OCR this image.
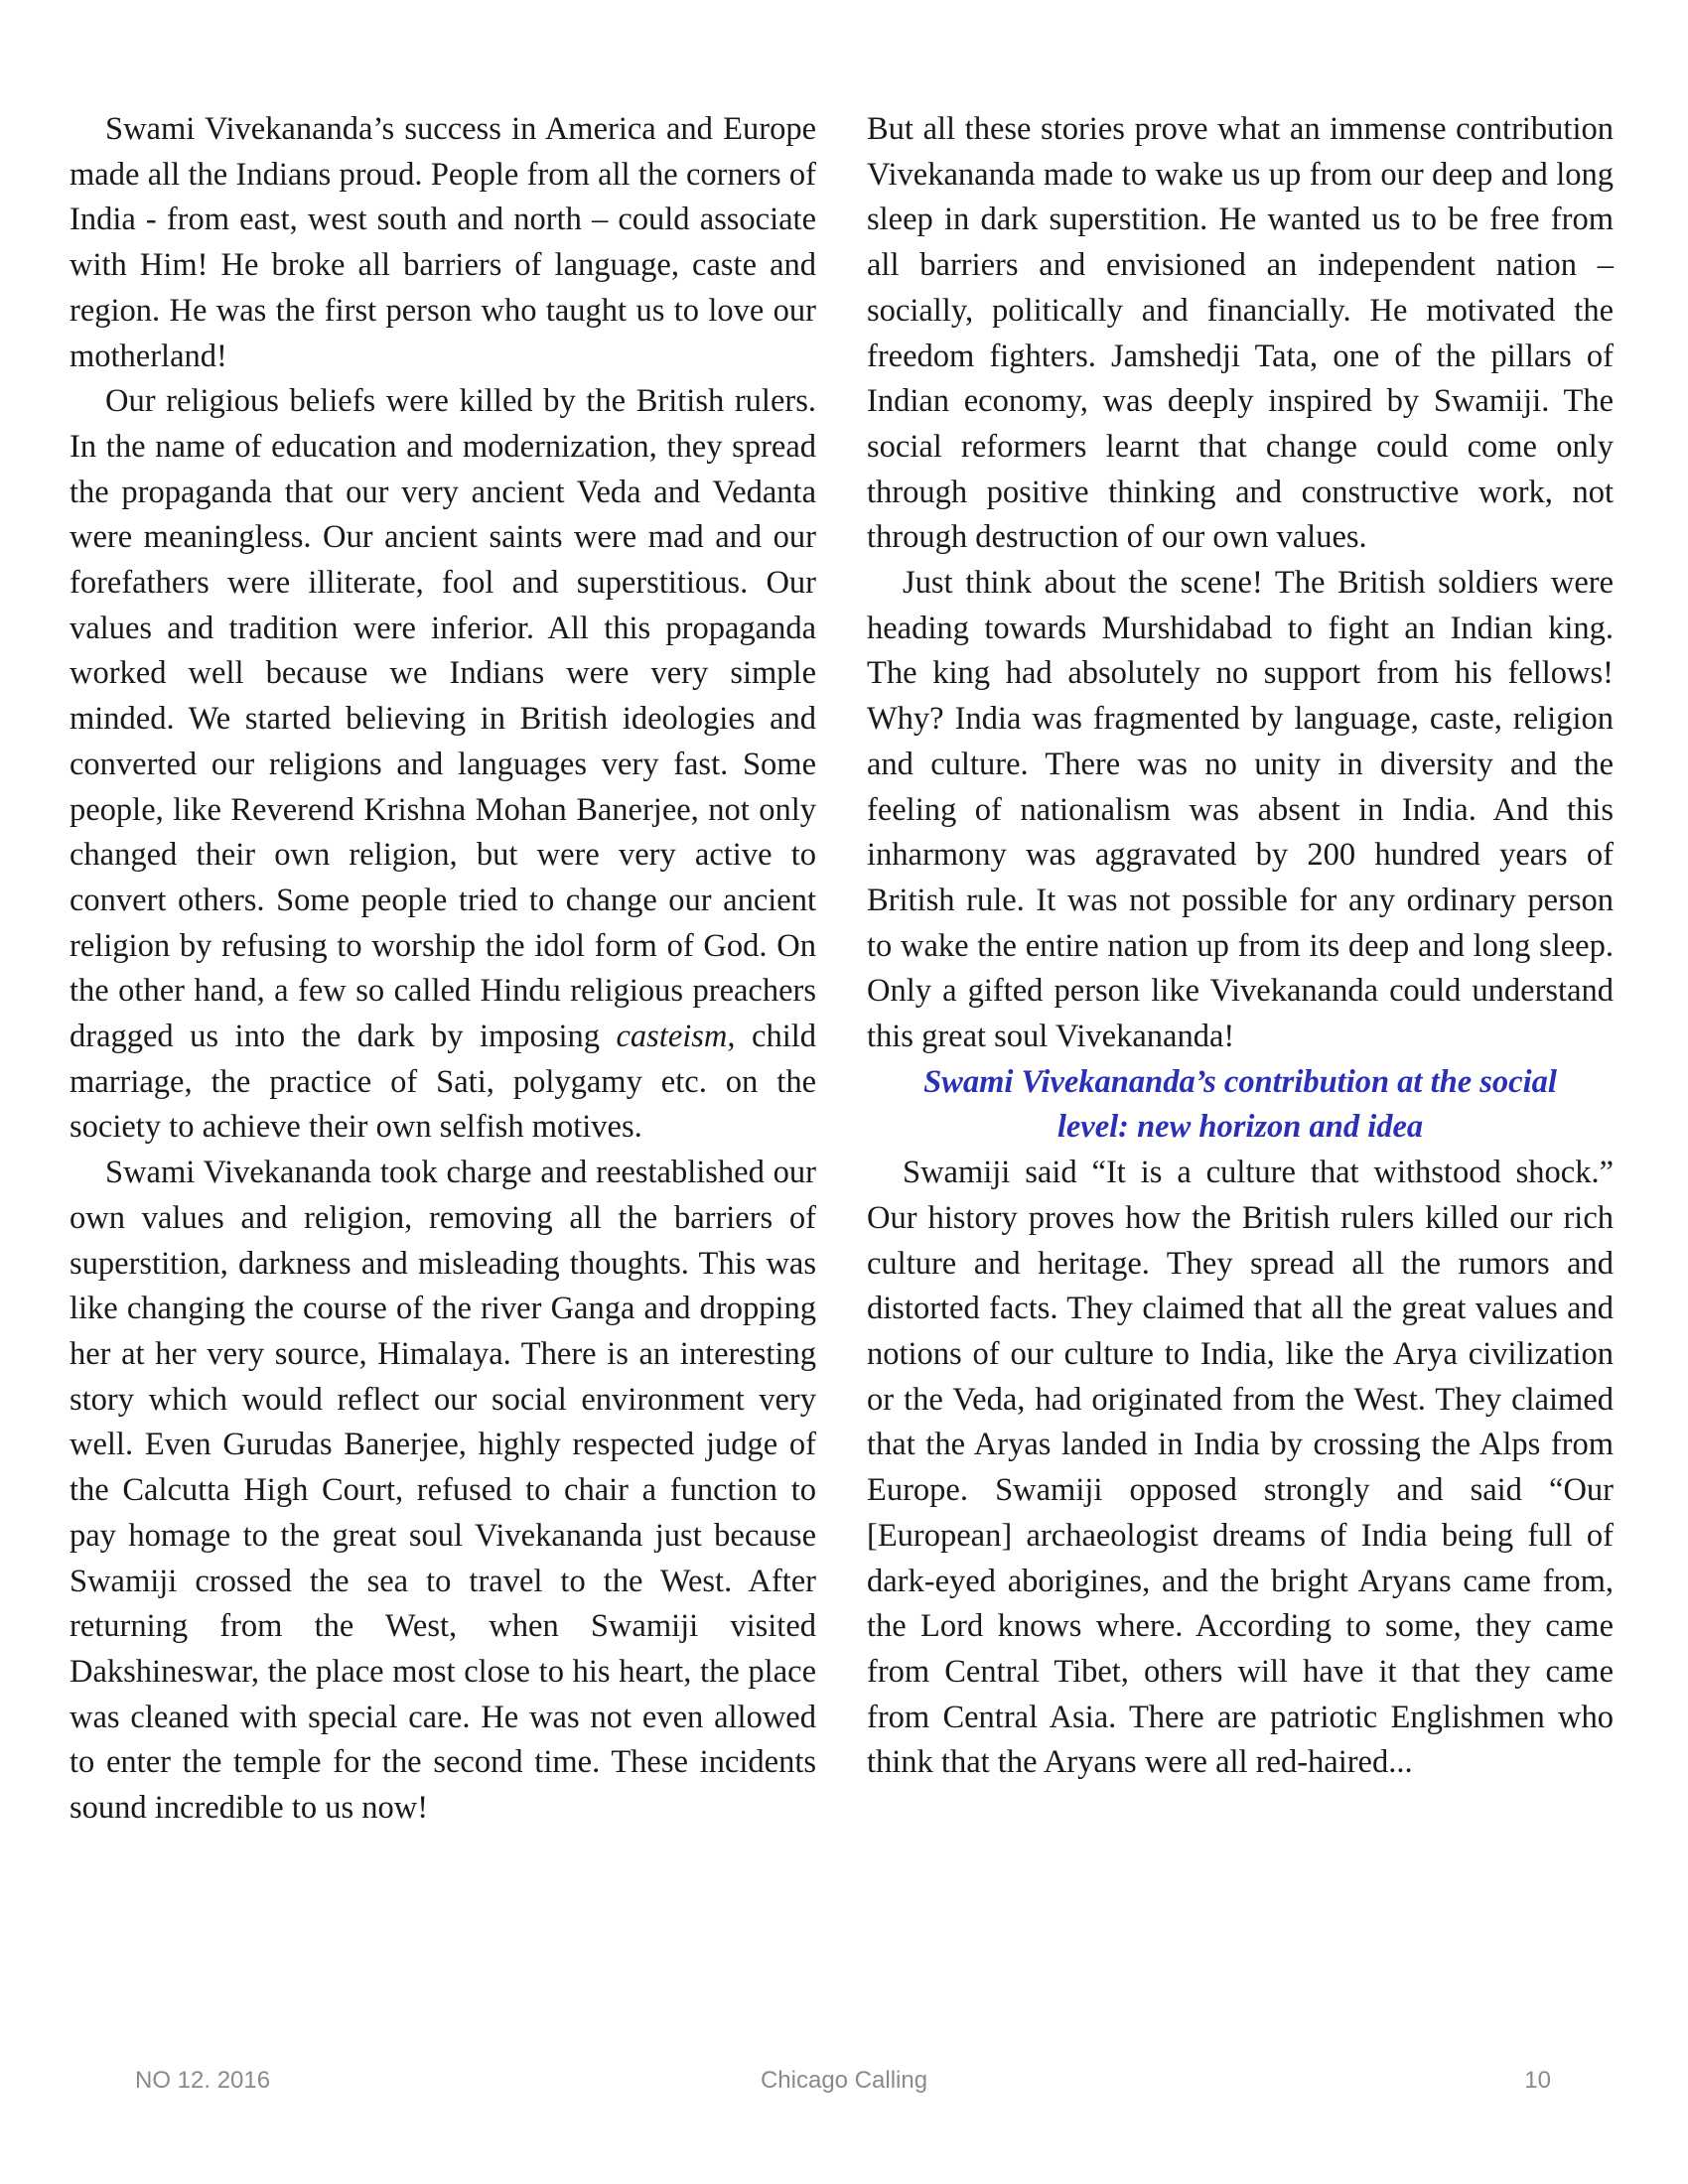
Swami Vivekananda’s success in America and Europe made all the Indians proud. People from all the corners of India - from east, west south and north – could associate with Him! He broke all barriers of language, caste and region. He was the first person who taught us to love our motherland!

Our religious beliefs were killed by the British rulers. In the name of education and modernization, they spread the propaganda that our very ancient Veda and Vedanta were meaningless. Our ancient saints were mad and our forefathers were illiterate, fool and superstitious. Our values and tradition were inferior. All this propaganda worked well because we Indians were very simple minded. We started believing in British ideologies and converted our religions and languages very fast. Some people, like Reverend Krishna Mohan Banerjee, not only changed their own religion, but were very active to convert others. Some people tried to change our ancient religion by refusing to worship the idol form of God. On the other hand, a few so called Hindu religious preachers dragged us into the dark by imposing casteism, child marriage, the practice of Sati, polygamy etc. on the society to achieve their own selfish motives.

Swami Vivekananda took charge and reestablished our own values and religion, removing all the barriers of superstition, darkness and misleading thoughts. This was like changing the course of the river Ganga and dropping her at her very source, Himalaya. There is an interesting story which would reflect our social environment very well. Even Gurudas Banerjee, highly respected judge of the Calcutta High Court, refused to chair a function to pay homage to the great soul Vivekananda just because Swamiji crossed the sea to travel to the West. After returning from the West, when Swamiji visited Dakshineswar, the place most close to his heart, the place was cleaned with special care. He was not even allowed to enter the temple for the second time. These incidents sound incredible to us now!

But all these stories prove what an immense contribution Vivekananda made to wake us up from our deep and long sleep in dark superstition. He wanted us to be free from all barriers and envisioned an independent nation – socially, politically and financially. He motivated the freedom fighters. Jamshedji Tata, one of the pillars of Indian economy, was deeply inspired by Swamiji. The social reformers learnt that change could come only through positive thinking and constructive work, not through destruction of our own values.

Just think about the scene! The British soldiers were heading towards Murshidabad to fight an Indian king. The king had absolutely no support from his fellows! Why? India was fragmented by language, caste, religion and culture. There was no unity in diversity and the feeling of nationalism was absent in India. And this inharmony was aggravated by 200 hundred years of British rule. It was not possible for any ordinary person to wake the entire nation up from its deep and long sleep. Only a gifted person like Vivekananda could understand this great soul Vivekananda!

Swami Vivekananda’s contribution at the social level: new horizon and idea

Swamiji said “It is a culture that withstood shock.” Our history proves how the British rulers killed our rich culture and heritage. They spread all the rumors and distorted facts. They claimed that all the great values and notions of our culture to India, like the Arya civilization or the Veda, had originated from the West. They claimed that the Aryas landed in India by crossing the Alps from Europe. Swamiji opposed strongly and said “Our [European] archaeologist dreams of India being full of dark-eyed aborigines, and the bright Aryans came from, the Lord knows where. According to some, they came from Central Tibet, others will have it that they came from Central Asia. There are patriotic Englishmen who think that the Aryans were all red-haired...

NO 12. 2016	Chicago Calling	10
